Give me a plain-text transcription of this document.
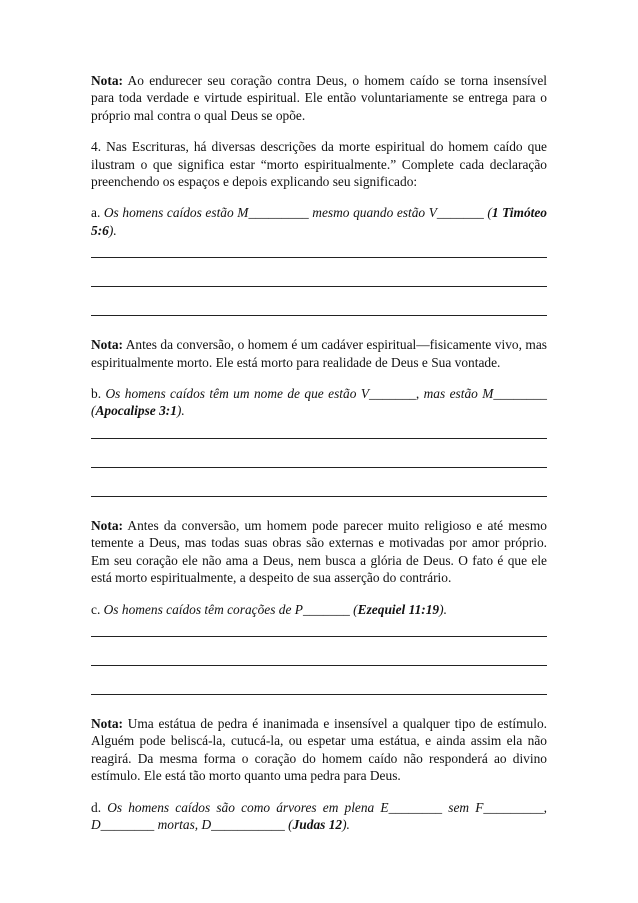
Nota: Ao endurecer seu coração contra Deus, o homem caído se torna insensível para toda verdade e virtude espiritual. Ele então voluntariamente se entrega para o próprio mal contra o qual Deus se opõe.

4. Nas Escrituras, há diversas descrições da morte espiritual do homem caído que ilustram o que significa estar “morto espiritualmente.” Complete cada declaração preenchendo os espaços e depois explicando seu significado:

a. Os homens caídos estão M_________ mesmo quando estão V_______ (1 Timóteo 5:6).

Nota: Antes da conversão, o homem é um cadáver espiritual—fisicamente vivo, mas espiritualmente morto. Ele está morto para realidade de Deus e Sua vontade.

b. Os homens caídos têm um nome de que estão V_______, mas estão M________ (Apocalipse 3:1).

Nota: Antes da conversão, um homem pode parecer muito religioso e até mesmo temente a Deus, mas todas suas obras são externas e motivadas por amor próprio. Em seu coração ele não ama a Deus, nem busca a glória de Deus. O fato é que ele está morto espiritualmente, a despeito de sua asserção do contrário.

c. Os homens caídos têm corações de P_______ (Ezequiel 11:19).

Nota: Uma estátua de pedra é inanimada e insensível a qualquer tipo de estímulo. Alguém pode beliscá-la, cutucá-la, ou espetar uma estátua, e ainda assim ela não reagirá. Da mesma forma o coração do homem caído não responderá ao divino estímulo. Ele está tão morto quanto uma pedra para Deus.

d. Os homens caídos são como árvores em plena E________ sem F_________, D________ mortas, D___________ (Judas 12).
